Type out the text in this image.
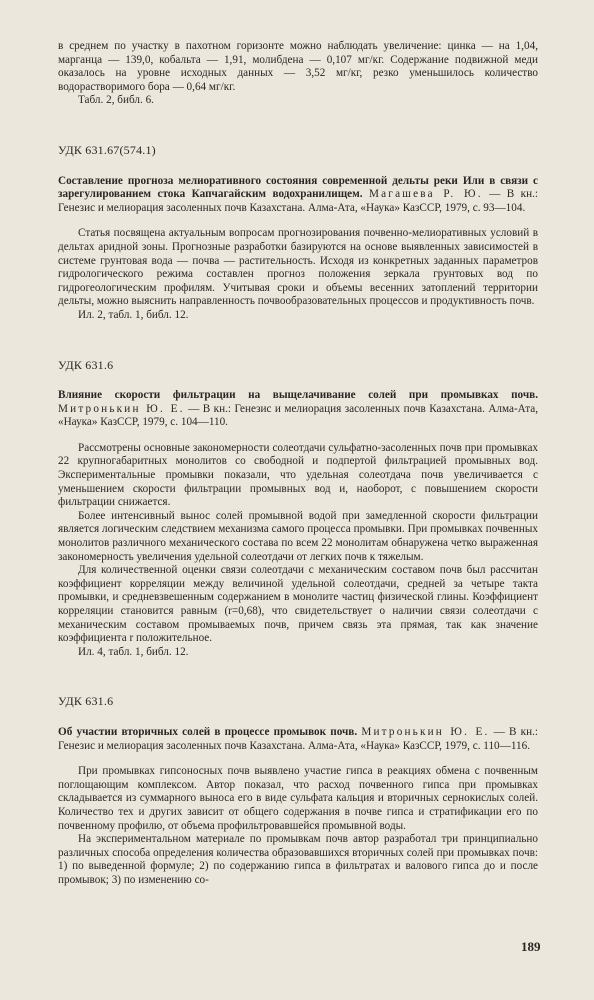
в среднем по участку в пахотном горизонте можно наблюдать увеличение: цинка — на 1,04, марганца — 139,0, кобальта — 1,91, молибдена — 0,107 мг/кг. Содержание подвижной меди оказалось на уровне исходных данных — 3,52 мг/кг, резко уменьшилось количество водорастворимого бора — 0,64 мг/кг.

Табл. 2, библ. 6.

УДК 631.67(574.1)

Составление прогноза мелиоративного состояния современной дельты реки Или в связи с зарегулированием стока Капчагайским водохранилищем. Магашева Р. Ю. — В кн.: Генезис и мелиорация засоленных почв Казахстана. Алма-Ата, «Наука» КазССР, 1979, с. 93—104.

Статья посвящена актуальным вопросам прогнозирования почвенно-мелиоративных условий в дельтах аридной зоны. Прогнозные разработки базируются на основе выявленных зависимостей в системе грунтовая вода — почва — растительность. Исходя из конкретных заданных параметров гидрологического режима составлен прогноз положения зеркала грунтовых вод по гидрогеологическим профилям. Учитывая сроки и объемы весенних затоплений территории дельты, можно выяснить направленность почвообразовательных процессов и продуктивность почв.

Ил. 2, табл. 1, библ. 12.

УДК 631.6

Влияние скорости фильтрации на выщелачивание солей при промывках почв. Митронькин Ю. Е. — В кн.: Генезис и мелиорация засоленных почв Казахстана. Алма-Ата, «Наука» КазССР, 1979, с. 104—110.

Рассмотрены основные закономерности солеотдачи сульфатно-засоленных почв при промывках 22 крупногабаритных монолитов со свободной и подпертой фильтрацией промывных вод. Экспериментальные промывки показали, что удельная солеотдача почв увеличивается с уменьшением скорости фильтрации промывных вод и, наоборот, с повышением скорости фильтрации снижается.

Более интенсивный вынос солей промывной водой при замедленной скорости фильтрации является логическим следствием механизма самого процесса промывки. При промывках почвенных монолитов различного механического состава по всем 22 монолитам обнаружена четко выраженная закономерность увеличения удельной солеотдачи от легких почв к тяжелым.

Для количественной оценки связи солеотдачи с механическим составом почв был рассчитан коэффициент корреляции между величиной удельной солеотдачи, средней за четыре такта промывки, и средневзвешенным содержанием в монолите частиц физической глины. Коэффициент корреляции становится равным (r=0,68), что свидетельствует о наличии связи солеотдачи с механическим составом промываемых почв, причем связь эта прямая, так как значение коэффициента r положительное.

Ил. 4, табл. 1, библ. 12.

УДК 631.6

Об участии вторичных солей в процессе промывок почв. Митронькин Ю. Е. — В кн.: Генезис и мелиорация засоленных почв Казахстана. Алма-Ата, «Наука» КазССР, 1979, с. 110—116.

При промывках гипсоносных почв выявлено участие гипса в реакциях обмена с почвенным поглощающим комплексом. Автор показал, что расход почвенного гипса при промывках складывается из суммарного выноса его в виде сульфата кальция и вторичных сернокислых солей. Количество тех и других зависит от общего содержания в почве гипса и стратификации его по почвенному профилю, от объема профильтровавшейся промывной воды.

На экспериментальном материале по промывкам почв автор разработал три принципиально различных способа определения количества образовавшихся вторичных солей при промывках почв: 1) по выведенной формуле; 2) по содержанию гипса в фильтратах и валового гипса до и после промывок; 3) по изменению со-

189
